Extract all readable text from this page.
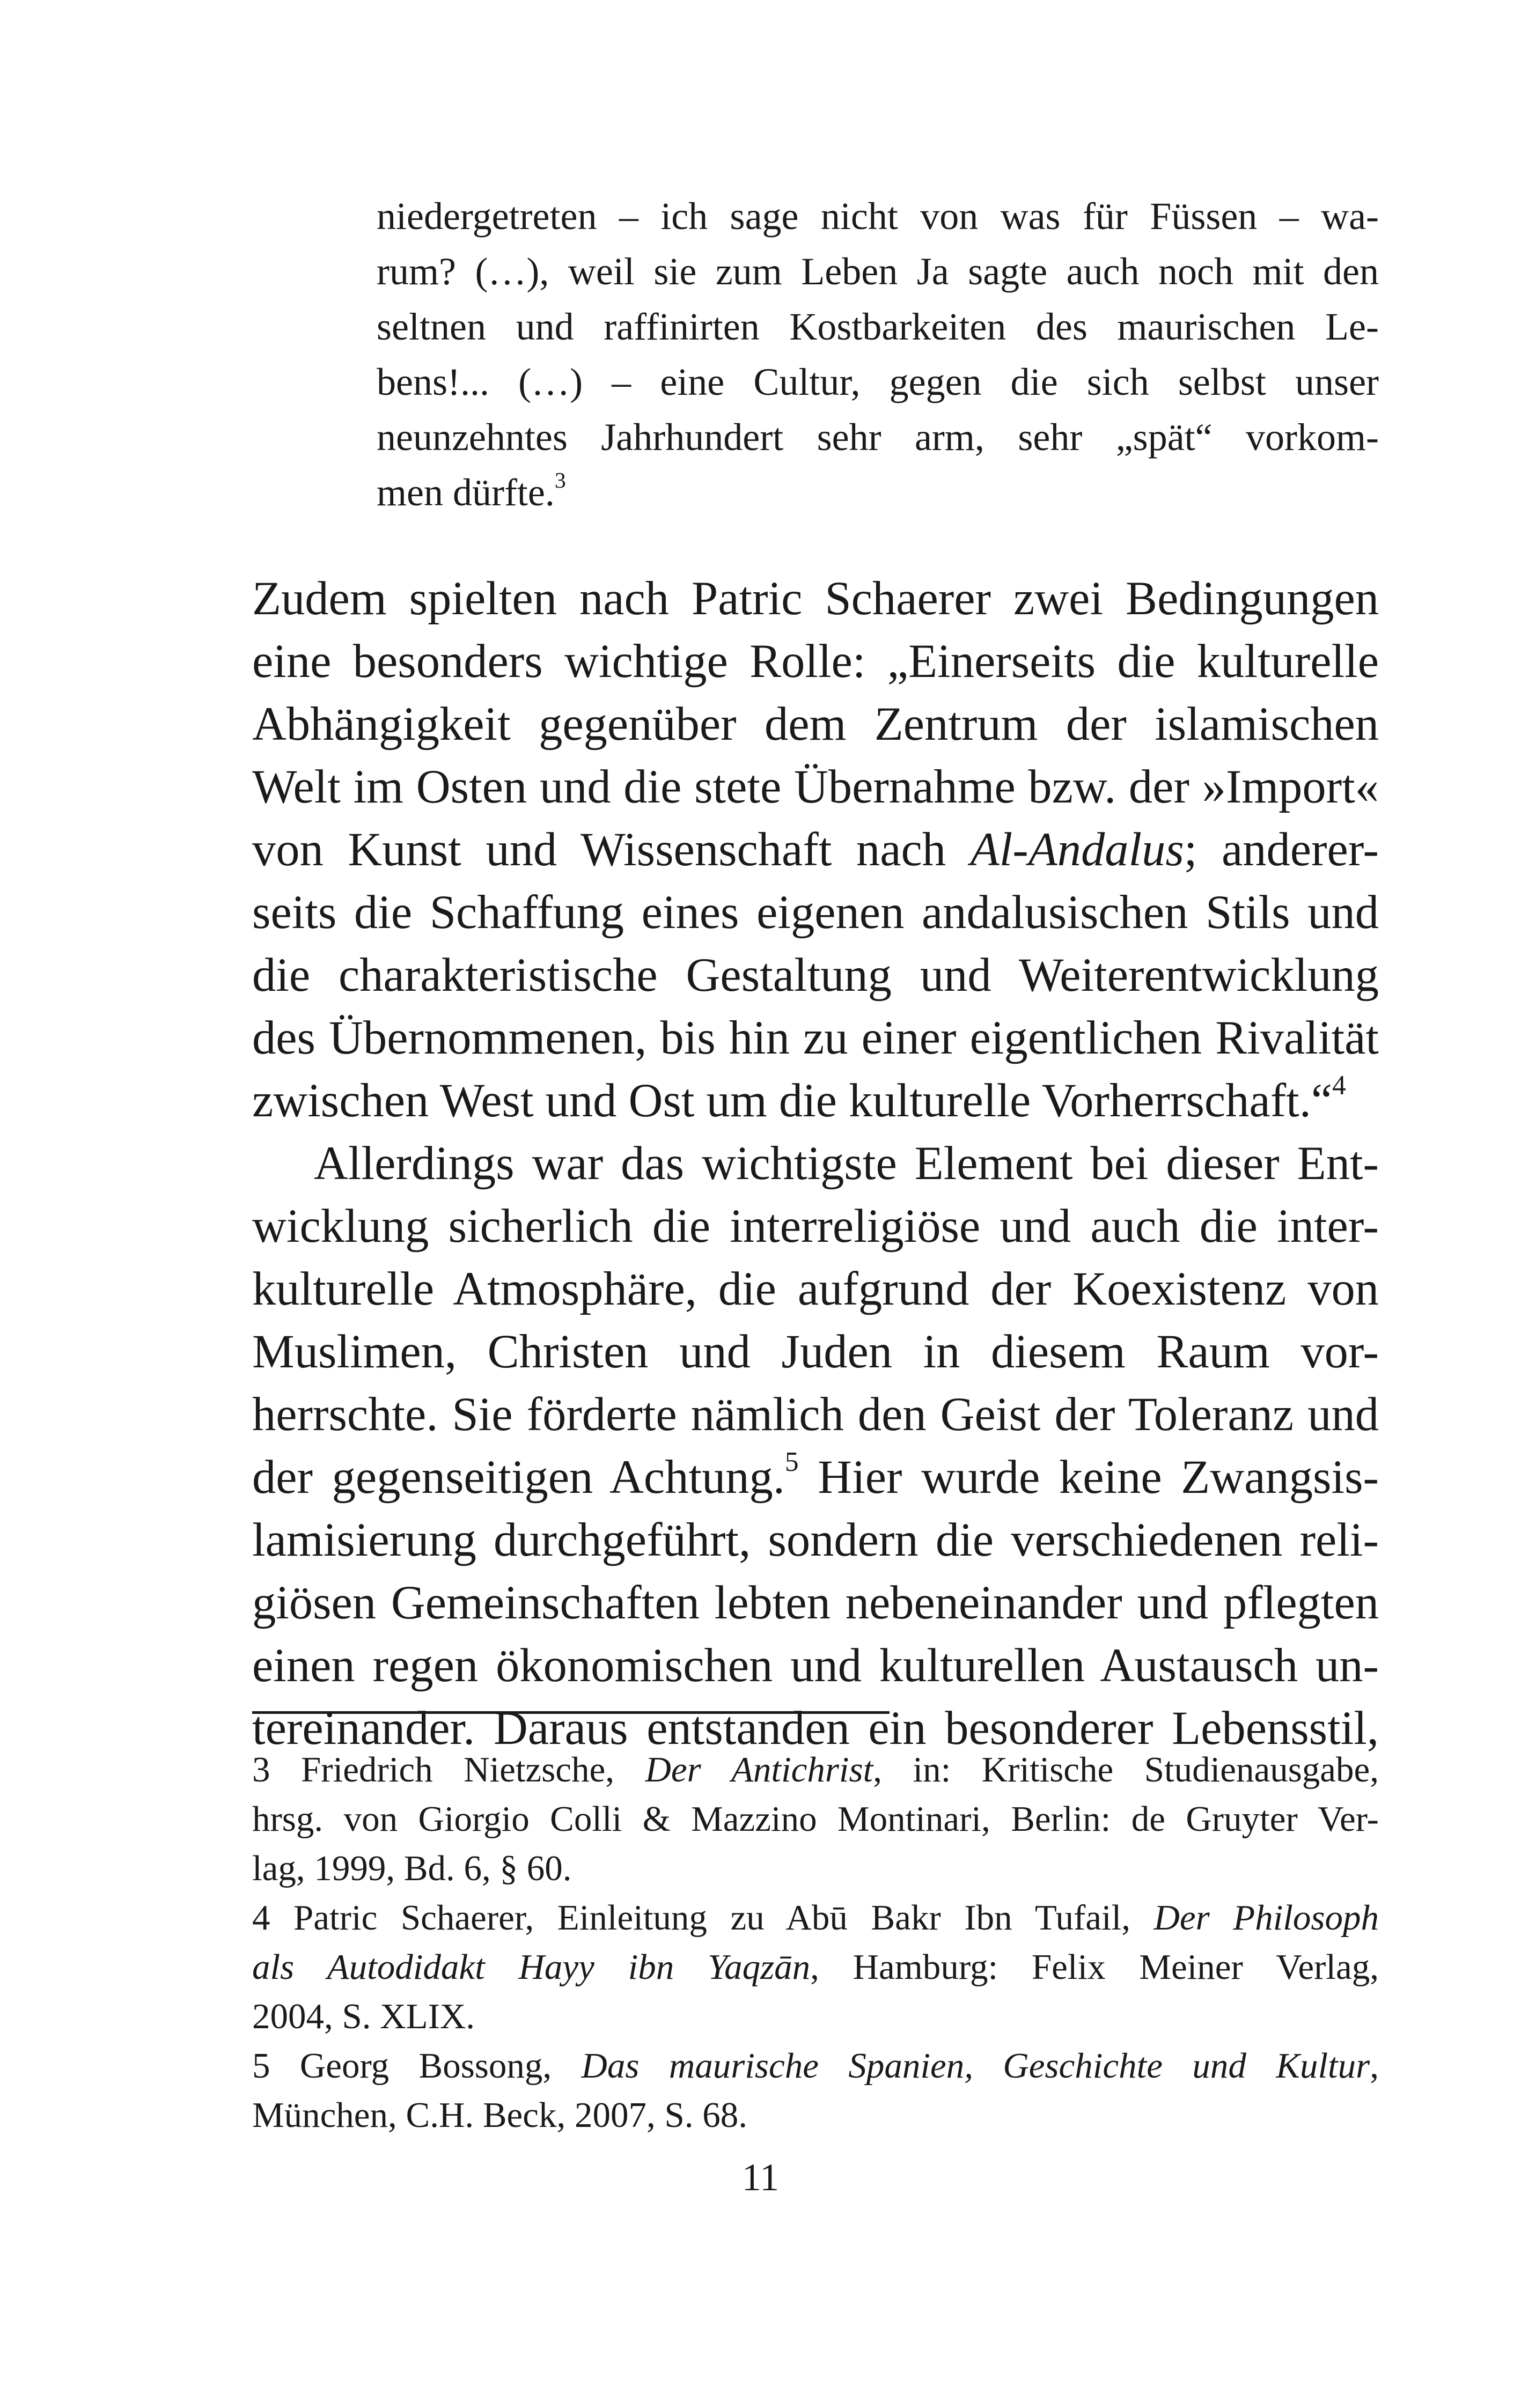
niedergetreten – ich sage nicht von was für Füssen – wa-
rum? (…), weil sie zum Leben Ja sagte auch noch mit den
seltnen und raffinirten Kostbarkeiten des maurischen Le-
bens!... (…) – eine Cultur, gegen die sich selbst unser
neunzehntes Jahrhundert sehr arm, sehr „spät“ vorkom-
men dürfte.$^3$

Zudem spielten nach Patric Schaerer zwei Bedingungen
eine besonders wichtige Rolle: „Einerseits die kulturelle
Abhängigkeit gegenüber dem Zentrum der islamischen
Welt im Osten und die stete Übernahme bzw. der »Import«
von Kunst und Wissenschaft nach Al-Andalus; anderer-
seits die Schaffung eines eigenen andalusischen Stils und
die charakteristische Gestaltung und Weiterentwicklung
des Übernommenen, bis hin zu einer eigentlichen Rivalität
zwischen West und Ost um die kulturelle Vorherrschaft.“$^4$

Allerdings war das wichtigste Element bei dieser Ent-
wicklung sicherlich die interreligiöse und auch die inter-
kulturelle Atmosphäre, die aufgrund der Koexistenz von
Muslimen, Christen und Juden in diesem Raum vor-
herrschte. Sie förderte nämlich den Geist der Toleranz und
der gegenseitigen Achtung.$^5$ Hier wurde keine Zwangsis-
lamisierung durchgeführt, sondern die verschiedenen reli-
giösen Gemeinschaften lebten nebeneinander und pflegten
einen regen ökonomischen und kulturellen Austausch un-
tereinander. Daraus entstanden ein besonderer Lebensstil,

3 Friedrich Nietzsche, Der Antichrist, in: Kritische Studienausgabe,
hrsg. von Giorgio Colli & Mazzino Montinari, Berlin: de Gruyter Ver-
lag, 1999, Bd. 6, § 60.
4 Patric Schaerer, Einleitung zu Abū Bakr Ibn Tufail, Der Philosoph
als Autodidakt Hayy ibn Yaqzān, Hamburg: Felix Meiner Verlag,
2004, S. XLIX.
5 Georg Bossong, Das maurische Spanien, Geschichte und Kultur,
München, C.H. Beck, 2007, S. 68.
11
